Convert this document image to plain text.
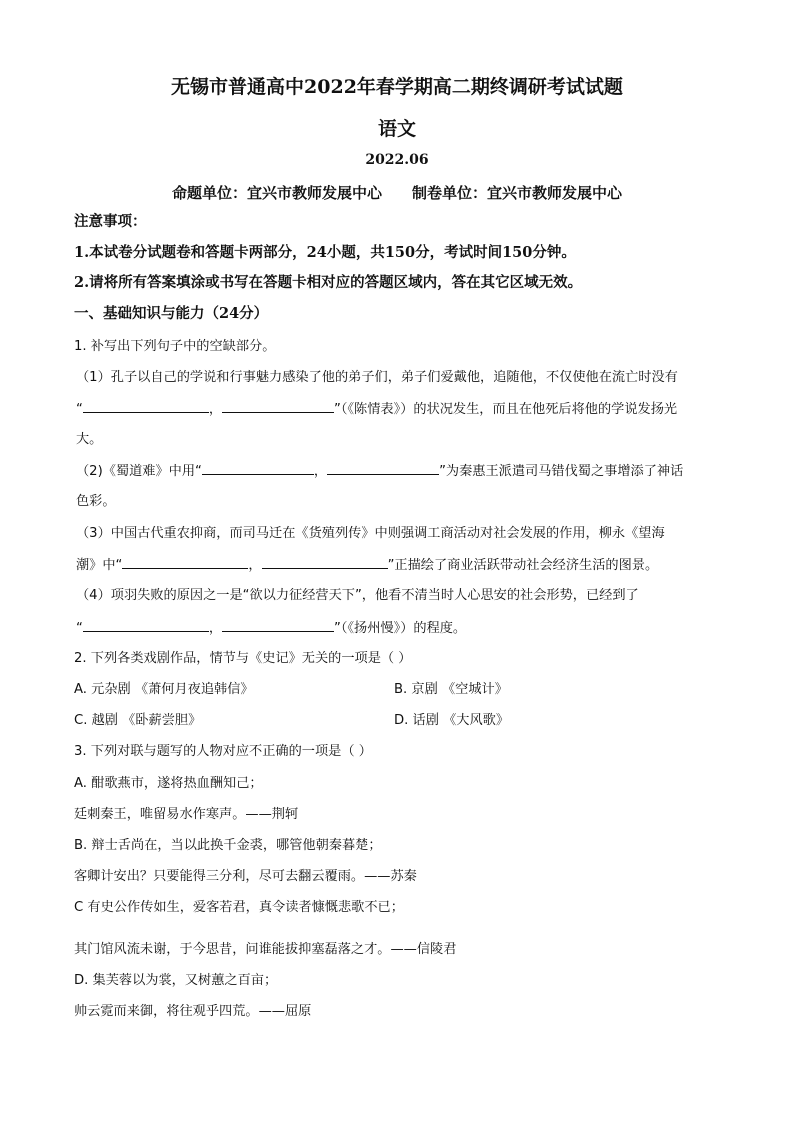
无锡市普通高中2022年春学期高二期终调研考试试题
语文
2022.06
命题单位：宜兴市教师发展中心 制卷单位：宜兴市教师发展中心
注意事项：
1.本试卷分试题卷和答题卡两部分，24小题，共150分，考试时间150分钟。
2.请将所有答案填涂或书写在答题卡相对应的答题区域内，答在其它区域无效。
一、基础知识与能力（24分）
1. 补写出下列句子中的空缺部分。
（1）孔子以自己的学说和行事魅力感染了他的弟子们，弟子们爱戴他，追随他，不仅使他在流亡时没有
“	，	”（《陈情表》）的状况发生，而且在他死后将他的学说发扬光
大。
（2)《蜀道难》中用“	，	”为秦惠王派遣司马错伐蜀之事增添了神话
色彩。
（3）中国古代重农抑商，而司马迁在《货殖列传》中则强调工商活动对社会发展的作用，柳永《望海
潮》中“	，	”正描绘了商业活跃带动社会经济生活的图景。
（4）项羽失败的原因之一是“欲以力征经营天下”，他看不清当时人心思安的社会形势，已经到了
“	，	”（《扬州慢》）的程度。
2. 下列各类戏剧作品，情节与《史记》无关的一项是（ ）
A. 元杂剧 《萧何月夜追韩信》	B. 京剧 《空城计》
C. 越剧 《卧薪尝胆》	D. 话剧 《大风歌》
3. 下列对联与题写的人物对应不正确的一项是（ ）
A. 酣歌燕市，遂将热血酬知己；
廷刺秦王，唯留易水作寒声。——荆轲
B. 辩士舌尚在，当以此换千金裘，哪管他朝秦暮楚；
客卿计安出？只要能得三分利，尽可去翻云覆雨。——苏秦
C 有史公作传如生，爱客若君，真令读者慷慨悲歌不已；
其门馆风流未谢，于今思昔，问谁能拔抑塞磊落之才。——信陵君
D. 集芙蓉以为裳，又树蕙之百亩；
帅云霓而来御，将往观乎四荒。——屈原
